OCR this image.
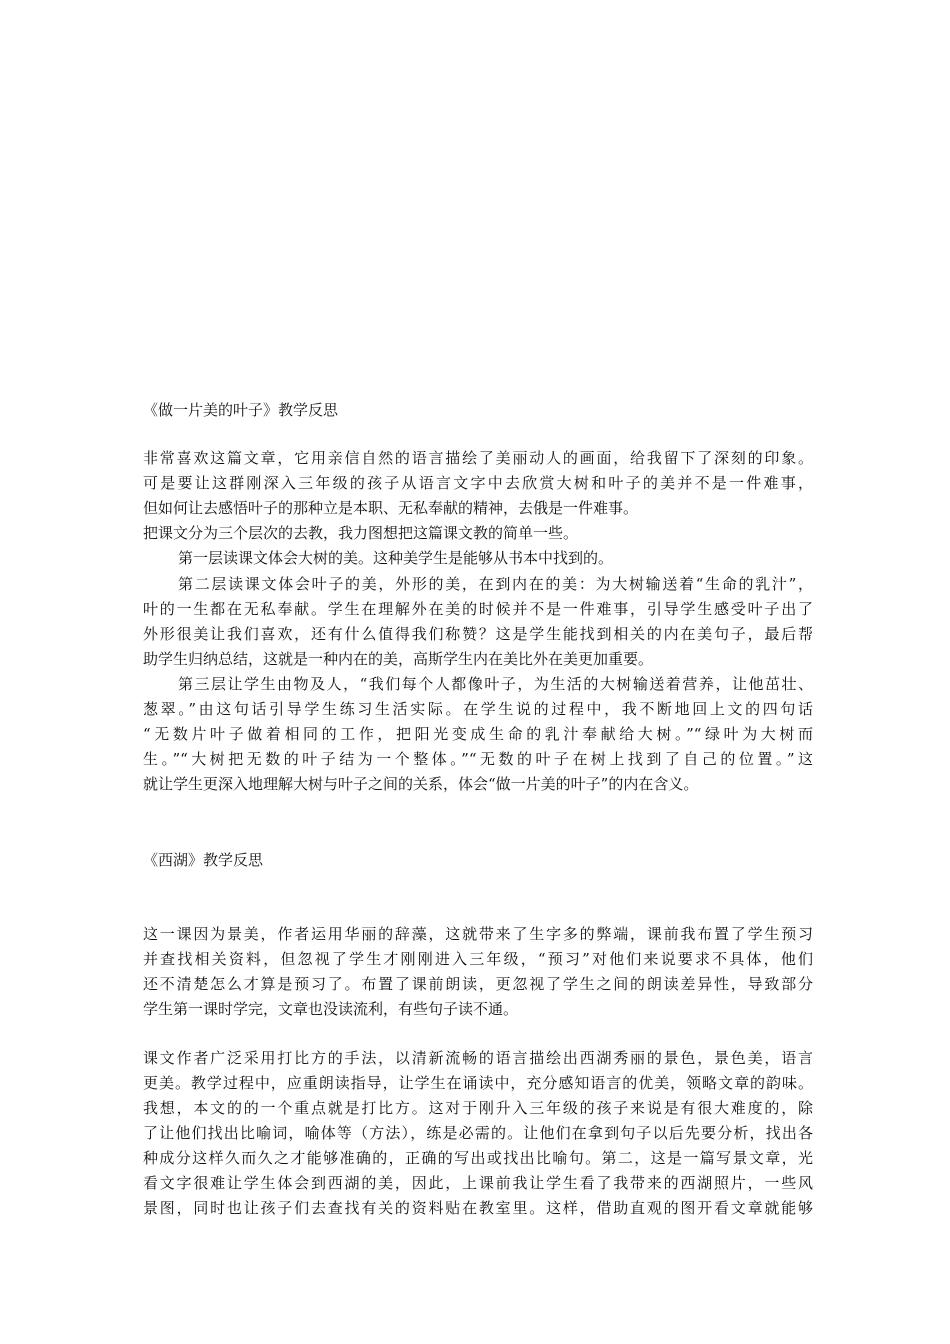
《做一片美的叶子》教学反思

非常喜欢这篇文章，它用亲信自然的语言描绘了美丽动人的画面，给我留下了深刻的印象。

可是要让这群刚深入三年级的孩子从语言文字中去欣赏大树和叶子的美并不是一件难事，

但如何让去感悟叶子的那种立是本职、无私奉献的精神，去俄是一件难事。

把课文分为三个层次的去教，我力图想把这篇课文教的简单一些。

第一层读课文体会大树的美。这种美学生是能够从书本中找到的。

第二层读课文体会叶子的美，外形的美，在到内在的美：为大树输送着“生命的乳汁”，

叶的一生都在无私奉献。学生在理解外在美的时候并不是一件难事，引导学生感受叶子出了

外形很美让我们喜欢，还有什么值得我们称赞？这是学生能找到相关的内在美句子，最后帮

助学生归纳总结，这就是一种内在的美，高斯学生内在美比外在美更加重要。

第三层让学生由物及人，“我们每个人都像叶子，为生活的大树输送着营养，让他茁壮、

葱翠。”由这句话引导学生练习生活实际。在学生说的过程中，我不断地回上文的四句话

“无数片叶子做着相同的工作，把阳光变成生命的乳汁奉献给大树。”“绿叶为大树而

生。”“大树把无数的叶子结为一个整体。”“无数的叶子在树上找到了自己的位置。”这

就让学生更深入地理解大树与叶子之间的关系，体会“做一片美的叶子”的内在含义。

《西湖》教学反思

这一课因为景美，作者运用华丽的辞藻，这就带来了生字多的弊端，课前我布置了学生预习

并查找相关资料，但忽视了学生才刚刚进入三年级，“预习”对他们来说要求不具体，他们

还不清楚怎么才算是预习了。布置了课前朗读，更忽视了学生之间的朗读差异性，导致部分

学生第一课时学完，文章也没读流利，有些句子读不通。

课文作者广泛采用打比方的手法，以清新流畅的语言描绘出西湖秀丽的景色，景色美，语言

更美。教学过程中，应重朗读指导，让学生在诵读中，充分感知语言的优美，领略文章的韵味。

我想，本文的的一个重点就是打比方。这对于刚升入三年级的孩子来说是有很大难度的，除

了让他们找出比喻词，喻体等（方法），练是必需的。让他们在拿到句子以后先要分析，找出各

种成分这样久而久之才能够准确的，正确的写出或找出比喻句。第二，这是一篇写景文章，光

看文字很难让学生体会到西湖的美，因此，上课前我让学生看了我带来的西湖照片，一些风

景图，同时也让孩子们去查找有关的资料贴在教室里。这样，借助直观的图开看文章就能够
